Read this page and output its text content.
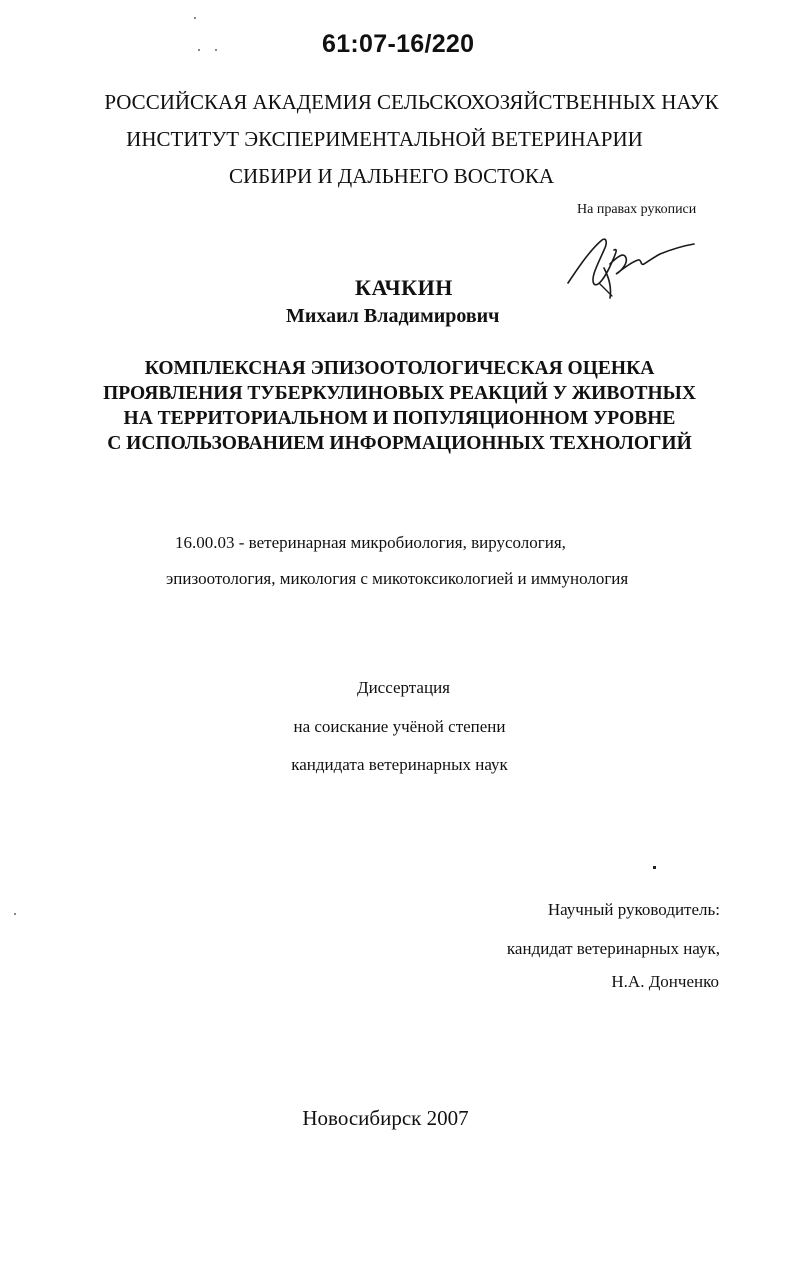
61:07-16/220
РОССИЙСКАЯ АКАДЕМИЯ СЕЛЬСКОХОЗЯЙСТВЕННЫХ НАУК
ИНСТИТУТ ЭКСПЕРИМЕНТАЛЬНОЙ ВЕТЕРИНАРИИ
СИБИРИ И ДАЛЬНЕГО ВОСТОКА
На правах рукописи
КАЧКИН
Михаил Владимирович
КОМПЛЕКСНАЯ ЭПИЗООТОЛОГИЧЕСКАЯ ОЦЕНКА
ПРОЯВЛЕНИЯ ТУБЕРКУЛИНОВЫХ РЕАКЦИЙ У ЖИВОТНЫХ
НА ТЕРРИТОРИАЛЬНОМ И ПОПУЛЯЦИОННОМ УРОВНЕ
С ИСПОЛЬЗОВАНИЕМ ИНФОРМАЦИОННЫХ ТЕХНОЛОГИЙ
16.00.03 - ветеринарная микробиология, вирусология,
эпизоотология, микология с микотоксикологией и иммунология
Диссертация
на соискание учёной степени
кандидата ветеринарных наук
Научный руководитель:
кандидат ветеринарных наук,
Н.А. Донченко
Новосибирск 2007
